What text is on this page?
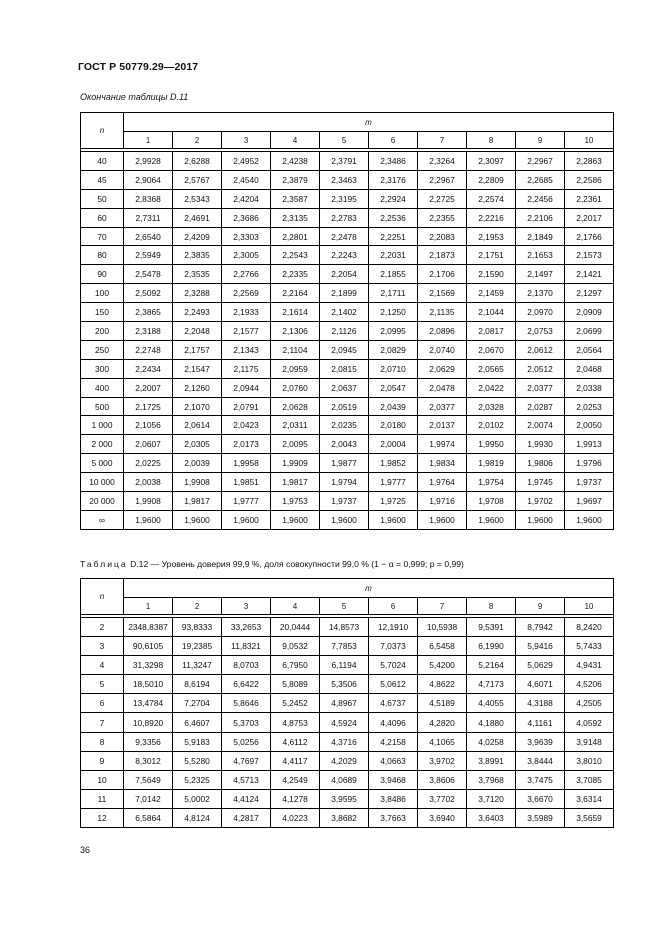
ГОСТ Р 50779.29—2017
Окончание таблицы D.11
n	m									
	1	2	3	4	5	6	7	8	9	10

40	2,9928	2,6288	2,4952	2,4238	2,3791	2,3486	2,3264	2,3097	2,2967	2,2863
45	2,9064	2,5767	2,4540	2,3879	2,3463	2,3176	2,2967	2,2809	2,2685	2,2586
50	2,8368	2,5343	2,4204	2,3587	2,3195	2,2924	2,2725	2,2574	2,2456	2,2361
60	2,7311	2,4691	2,3686	2,3135	2,2783	2,2536	2,2355	2,2216	2,2106	2,2017
70	2,6540	2,4209	2,3303	2,2801	2,2478	2,2251	2,2083	2,1953	2,1849	2,1766
80	2,5949	2,3835	2,3005	2,2543	2,2243	2,2031	2,1873	2,1751	2,1653	2,1573
90	2,5478	2,3535	2,2766	2,2335	2,2054	2,1855	2,1706	2,1590	2,1497	2,1421
100	2,5092	2,3288	2,2569	2,2164	2,1899	2,1711	2,1569	2,1459	2,1370	2,1297
150	2,3865	2,2493	2,1933	2,1614	2,1402	2,1250	2,1135	2,1044	2,0970	2,0909
200	2,3188	2,2048	2,1577	2,1306	2,1126	2,0995	2,0896	2,0817	2,0753	2,0699
250	2,2748	2,1757	2,1343	2,1104	2,0945	2,0829	2,0740	2,0670	2,0612	2,0564
300	2,2434	2,1547	2,1175	2,0959	2,0815	2,0710	2,0629	2,0565	2,0512	2,0468
400	2,2007	2,1260	2,0944	2,0760	2,0637	2,0547	2,0478	2,0422	2,0377	2,0338
500	2,1725	2,1070	2,0791	2,0628	2,0519	2,0439	2,0377	2,0328	2,0287	2,0253
1 000	2,1056	2,0614	2,0423	2,0311	2,0235	2,0180	2,0137	2,0102	2,0074	2,0050
2 000	2,0607	2,0305	2,0173	2,0095	2,0043	2,0004	1,9974	1,9950	1,9930	1,9913
5 000	2,0225	2,0039	1,9958	1,9909	1,9877	1,9852	1,9834	1,9819	1,9806	1,9796
10 000	2,0038	1,9908	1,9851	1,9817	1,9794	1,9777	1,9764	1,9754	1,9745	1,9737
20 000	1,9908	1,9817	1,9777	1,9753	1,9737	1,9725	1,9716	1,9708	1,9702	1,9697
∞	1,9600	1,9600	1,9600	1,9600	1,9600	1,9600	1,9600	1,9600	1,9600	1,9600
Таблица D.12 — Уровень доверия 99,9 %, доля совокупности 99,0 % (1 − α = 0,999; p = 0,99)
n	m									
	1	2	3	4	5	6	7	8	9	10

2	2348,8387	93,8333	33,2653	20,0444	14,8573	12,1910	10,5938	9,5391	8,7942	8,2420
3	90,6105	19,2385	11,8321	9,0532	7,7853	7,0373	6,5458	6,1990	5,9416	5,7433
4	31,3298	11,3247	8,0703	6,7950	6,1194	5,7024	5,4200	5,2164	5,0629	4,9431
5	18,5010	8,6194	6,6422	5,8089	5,3506	5,0612	4,8622	4,7173	4,6071	4,5206
6	13,4784	7,2704	5,8646	5,2452	4,8967	4,6737	4,5189	4,4055	4,3188	4,2505
7	10,8920	6,4607	5,3703	4,8753	4,5924	4,4096	4,2820	4,1880	4,1161	4,0592
8	9,3356	5,9183	5,0256	4,6112	4,3716	4,2158	4,1065	4,0258	3,9639	3,9148
9	8,3012	5,5280	4,7697	4,4117	4,2029	4,0663	3,9702	3,8991	3,8444	3,8010
10	7,5649	5,2325	4,5713	4,2549	4,0689	3,9468	3,8606	3,7968	3,7475	3,7085
11	7,0142	5,0002	4,4124	4,1278	3,9595	3,8486	3,7702	3,7120	3,6670	3,6314
12	6,5864	4,8124	4,2817	4,0223	3,8682	3,7663	3,6940	3,6403	3,5989	3,5659
36
